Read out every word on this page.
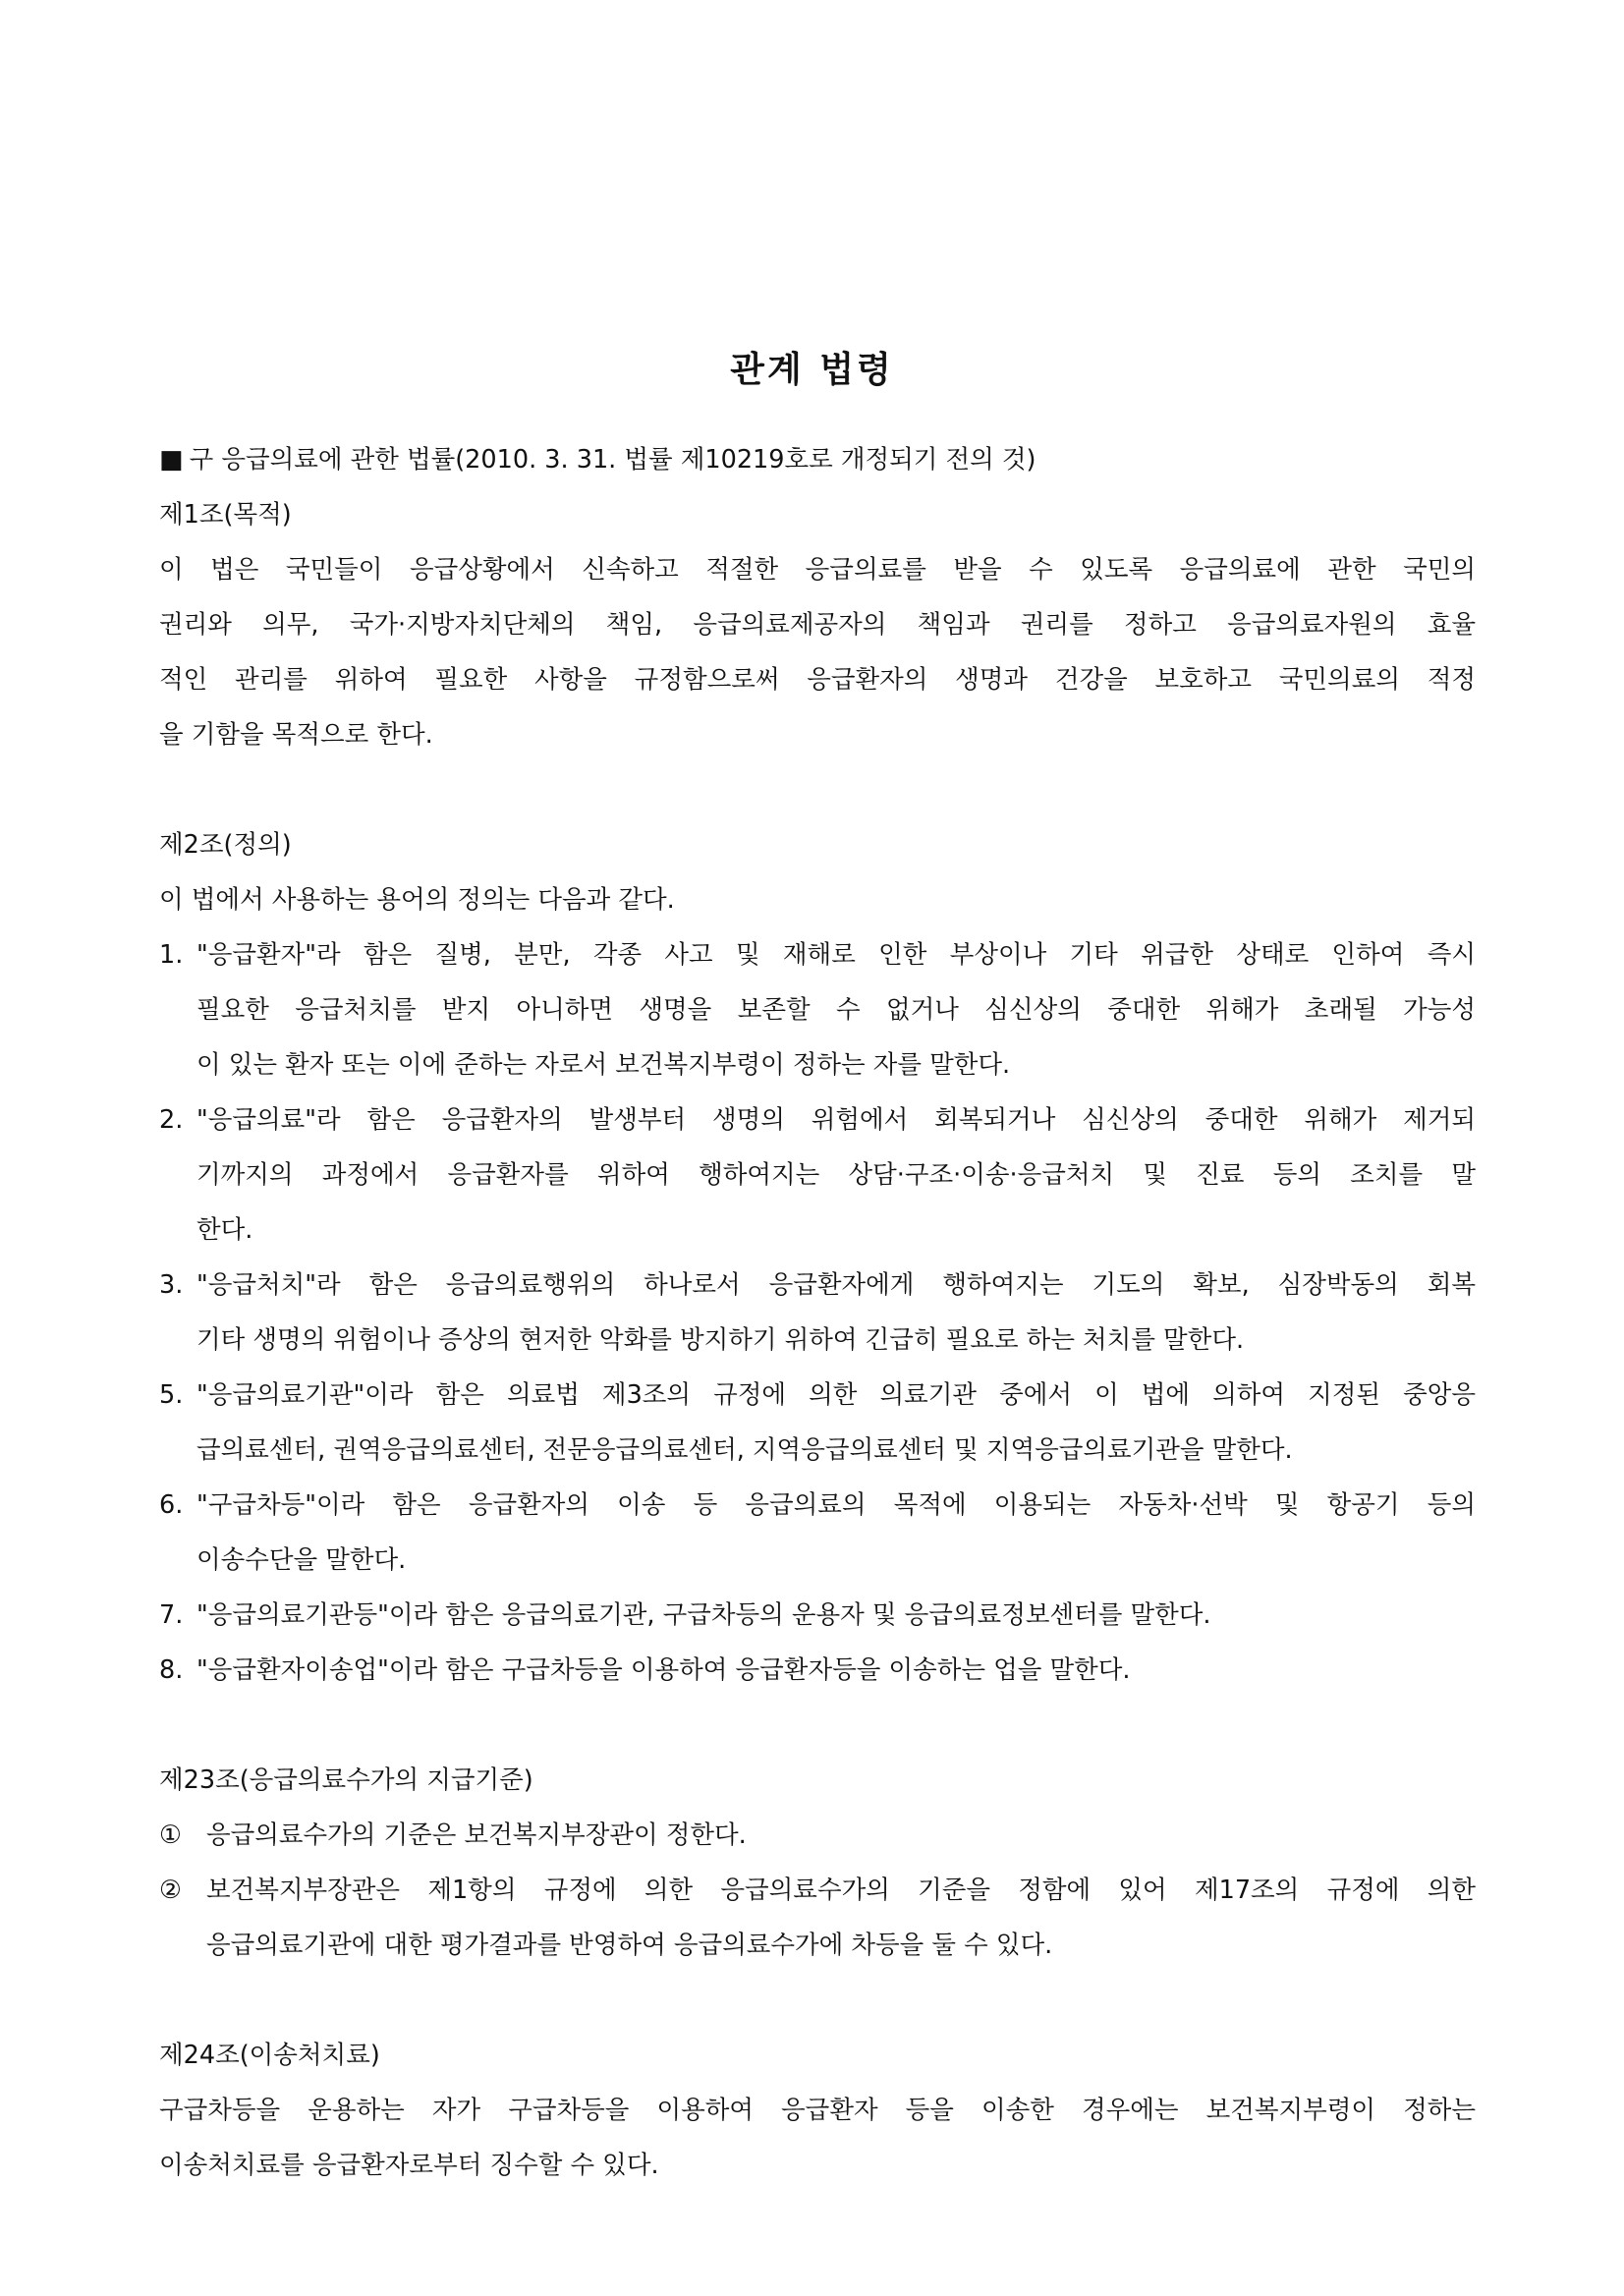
관계 법령
■ 구 응급의료에 관한 법률(2010. 3. 31. 법률 제10219호로 개정되기 전의 것)
제1조(목적)
이 법은 국민들이 응급상황에서 신속하고 적절한 응급의료를 받을 수 있도록 응급의료에 관한 국민의
권리와 의무, 국가·지방자치단체의 책임, 응급의료제공자의 책임과 권리를 정하고 응급의료자원의 효율
적인 관리를 위하여 필요한 사항을 규정함으로써 응급환자의 생명과 건강을 보호하고 국민의료의 적정
을 기함을 목적으로 한다.
제2조(정의)
이 법에서 사용하는 용어의 정의는 다음과 같다.
1. "응급환자"라 함은 질병, 분만, 각종 사고 및 재해로 인한 부상이나 기타 위급한 상태로 인하여 즉시
필요한 응급처치를 받지 아니하면 생명을 보존할 수 없거나 심신상의 중대한 위해가 초래될 가능성
이 있는 환자 또는 이에 준하는 자로서 보건복지부령이 정하는 자를 말한다.
2. "응급의료"라 함은 응급환자의 발생부터 생명의 위험에서 회복되거나 심신상의 중대한 위해가 제거되
기까지의 과정에서 응급환자를 위하여 행하여지는 상담·구조·이송·응급처치 및 진료 등의 조치를 말
한다.
3. "응급처치"라 함은 응급의료행위의 하나로서 응급환자에게 행하여지는 기도의 확보, 심장박동의 회복
기타 생명의 위험이나 증상의 현저한 악화를 방지하기 위하여 긴급히 필요로 하는 처치를 말한다.
5. "응급의료기관"이라 함은 의료법 제3조의 규정에 의한 의료기관 중에서 이 법에 의하여 지정된 중앙응
급의료센터, 권역응급의료센터, 전문응급의료센터, 지역응급의료센터 및 지역응급의료기관을 말한다.
6. "구급차등"이라 함은 응급환자의 이송 등 응급의료의 목적에 이용되는 자동차·선박 및 항공기 등의
이송수단을 말한다.
7. "응급의료기관등"이라 함은 응급의료기관, 구급차등의 운용자 및 응급의료정보센터를 말한다.
8. "응급환자이송업"이라 함은 구급차등을 이용하여 응급환자등을 이송하는 업을 말한다.
제23조(응급의료수가의 지급기준)
① 응급의료수가의 기준은 보건복지부장관이 정한다.
② 보건복지부장관은 제1항의 규정에 의한 응급의료수가의 기준을 정함에 있어 제17조의 규정에 의한
응급의료기관에 대한 평가결과를 반영하여 응급의료수가에 차등을 둘 수 있다.
제24조(이송처치료)
구급차등을 운용하는 자가 구급차등을 이용하여 응급환자 등을 이송한 경우에는 보건복지부령이 정하는
이송처치료를 응급환자로부터 징수할 수 있다.
